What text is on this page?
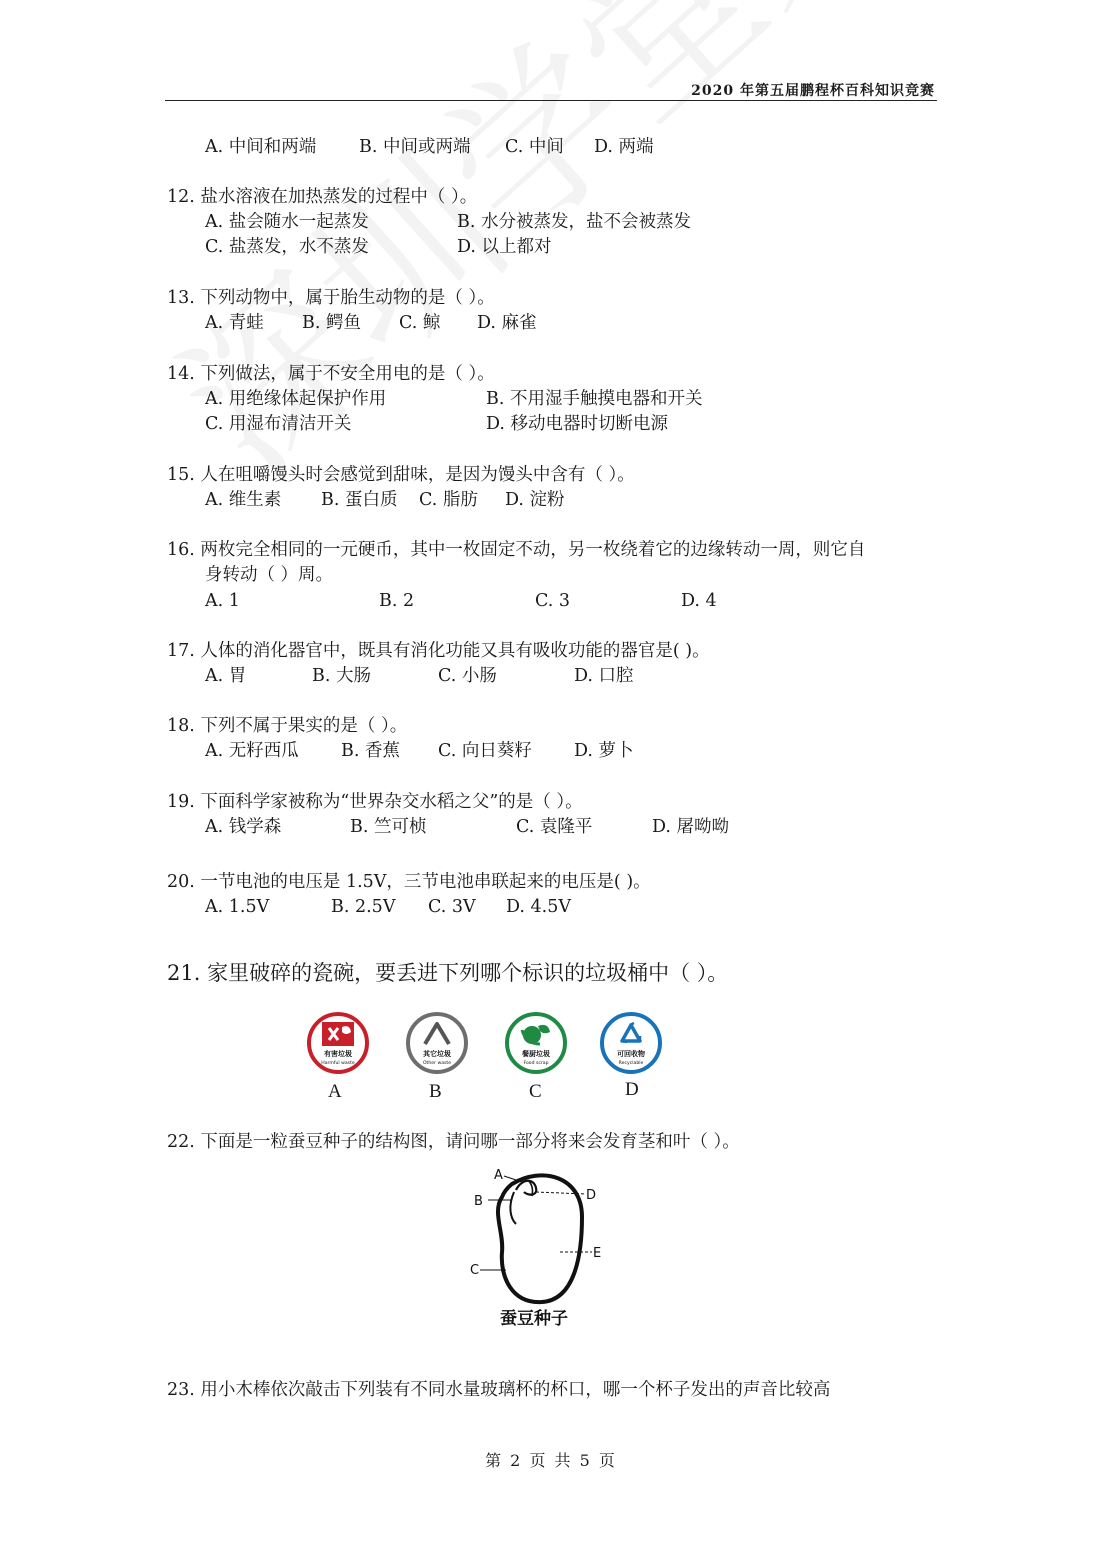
2020 年第五届鹏程杯百科知识竞赛
A. 中间和两端 B. 中间或两端 C. 中间 D. 两端
12. 盐水溶液在加热蒸发的过程中（ ）。
A. 盐会随水一起蒸发	B. 水分被蒸发，盐不会被蒸发
C. 盐蒸发，水不蒸发	D. 以上都对
13. 下列动物中，属于胎生动物的是（ ）。
A. 青蛙 B. 鳄鱼 C. 鲸 D. 麻雀
14. 下列做法，属于不安全用电的是（ ）。
A. 用绝缘体起保护作用	B. 不用湿手触摸电器和开关
C. 用湿布清洁开关	D. 移动电器时切断电源
15. 人在咀嚼馒头时会感觉到甜味，是因为馒头中含有（ ）。
A. 维生素 B. 蛋白质 C. 脂肪 D. 淀粉
16. 两枚完全相同的一元硬币，其中一枚固定不动，另一枚绕着它的边缘转动一周，则它自
身转动（ ）周。
A. 1	B. 2	C. 3	D. 4
17. 人体的消化器官中，既具有消化功能又具有吸收功能的器官是( )。
A. 胃	B. 大肠	C. 小肠	D. 口腔
18. 下列不属于果实的是（ ）。
A. 无籽西瓜 B. 香蕉 C. 向日葵籽 D. 萝卜
19. 下面科学家被称为“世界杂交水稻之父”的是（ ）。
A. 钱学森	B. 竺可桢	C. 袁隆平	D. 屠呦呦
20. 一节电池的电压是 1.5V，三节电池串联起来的电压是( )。
A. 1.5V	B. 2.5V C. 3V D. 4.5V
21. 家里破碎的瓷碗，要丢进下列哪个标识的垃圾桶中（ ）。
有害垃圾
Harmful waste
其它垃圾
Other waste
餐厨垃圾
Food scrap
可回收物
Recyclable
A	B	C	D
22. 下面是一粒蚕豆种子的结构图，请问哪一部分将来会发育茎和叶（ ）。
A
B
C
D
E
蚕豆种子
23. 用小木棒依次敲击下列装有不同水量玻璃杯的杯口，哪一个杯子发出的声音比较高
第 2 页 共 5 页
